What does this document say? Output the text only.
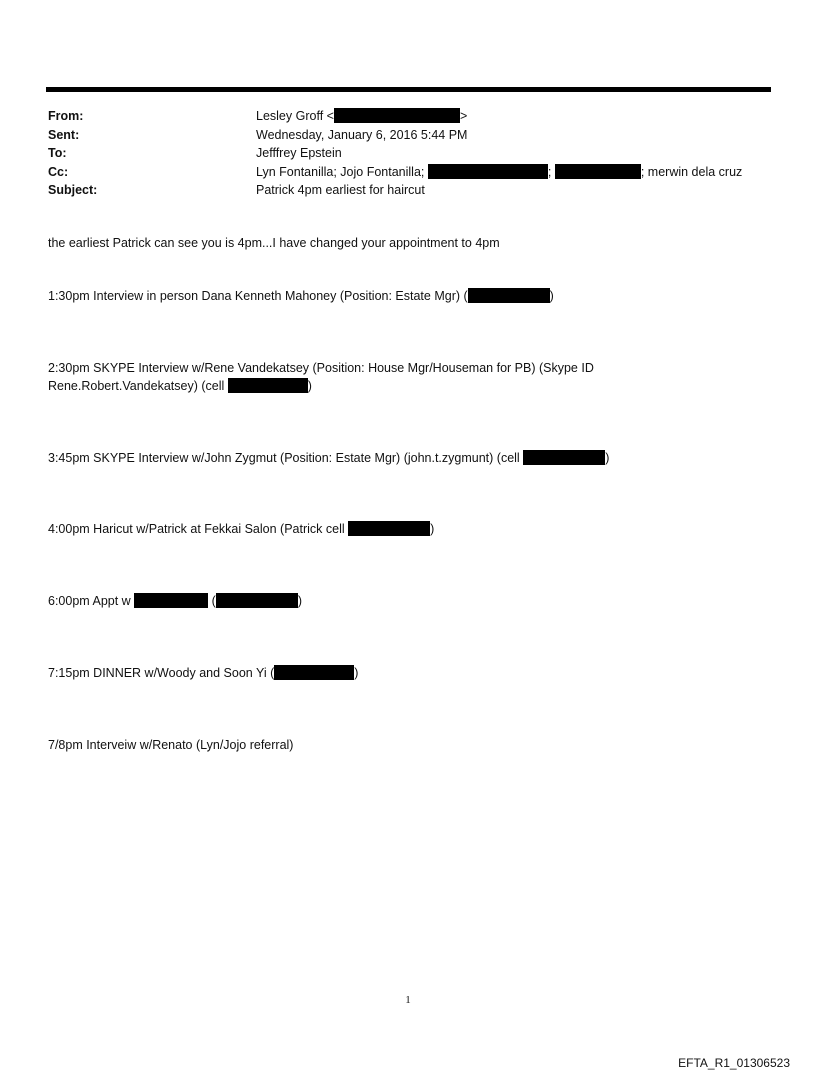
From:	Lesley Groff <	>
Sent:	Wednesday, January 6, 2016 5:44 PM
To:	Jefffrey Epstein
Cc:	Lyn Fontanilla; Jojo Fontanilla;	;	; merwin dela cruz
Subject:	Patrick 4pm earliest for haircut
the earliest Patrick can see you is 4pm...I have changed your appointment to 4pm
1:30pm Interview in person Dana Kenneth Mahoney (Position: Estate Mgr) (	)
2:30pm SKYPE Interview w/Rene Vandekatsey (Position: House Mgr/Houseman for PB) (Skype ID
Rene.Robert.Vandekatsey) (cell	)
3:45pm SKYPE Interview w/John Zygmut (Position: Estate Mgr) (john.t.zygmunt) (cell	)
4:00pm Haricut w/Patrick at Fekkai Salon (Patrick cell	)
6:00pm Appt w	(	)
7:15pm DINNER w/Woody and Soon Yi (	)
7/8pm Interveiw w/Renato (Lyn/Jojo referral)
1
EFTA_R1_01306523
